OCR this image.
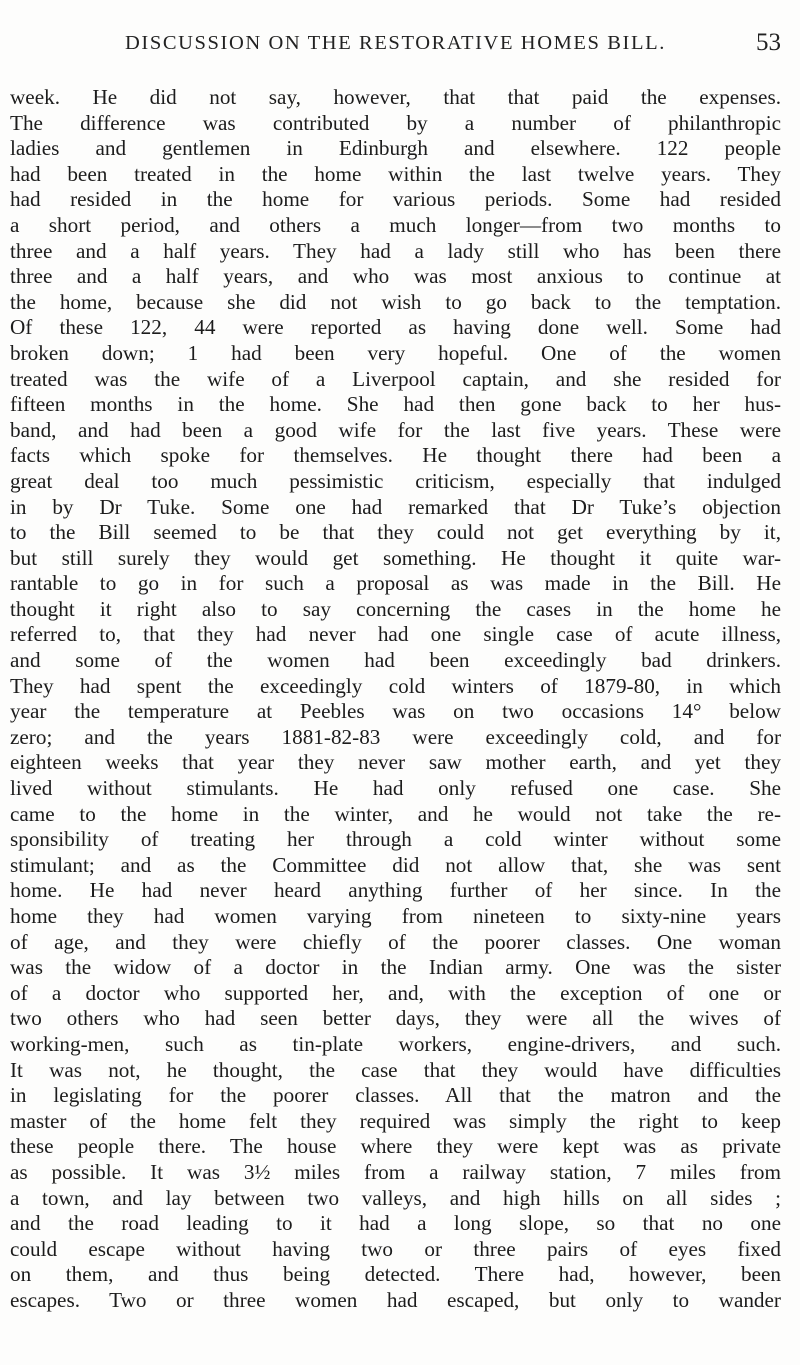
DISCUSSION ON THE RESTORATIVE HOMES BILL.	53
week. He did not say, however, that that paid the expenses.
The difference was contributed by a number of philanthropic
ladies and gentlemen in Edinburgh and elsewhere. 122 people
had been treated in the home within the last twelve years. They
had resided in the home for various periods. Some had resided
a short period, and others a much longer—from two months to
three and a half years. They had a lady still who has been there
three and a half years, and who was most anxious to continue at
the home, because she did not wish to go back to the temptation.
Of these 122, 44 were reported as having done well. Some had
broken down; 1 had been very hopeful. One of the women
treated was the wife of a Liverpool captain, and she resided for
fifteen months in the home. She had then gone back to her hus-
band, and had been a good wife for the last five years. These were
facts which spoke for themselves. He thought there had been a
great deal too much pessimistic criticism, especially that indulged
in by Dr Tuke. Some one had remarked that Dr Tuke’s objection
to the Bill seemed to be that they could not get everything by it,
but still surely they would get something. He thought it quite war-
rantable to go in for such a proposal as was made in the Bill. He
thought it right also to say concerning the cases in the home he
referred to, that they had never had one single case of acute illness,
and some of the women had been exceedingly bad drinkers.
They had spent the exceedingly cold winters of 1879-80, in which
year the temperature at Peebles was on two occasions 14° below
zero; and the years 1881-82-83 were exceedingly cold, and for
eighteen weeks that year they never saw mother earth, and yet they
lived without stimulants. He had only refused one case. She
came to the home in the winter, and he would not take the re-
sponsibility of treating her through a cold winter without some
stimulant; and as the Committee did not allow that, she was sent
home. He had never heard anything further of her since. In the
home they had women varying from nineteen to sixty-nine years
of age, and they were chiefly of the poorer classes. One woman
was the widow of a doctor in the Indian army. One was the sister
of a doctor who supported her, and, with the exception of one or
two others who had seen better days, they were all the wives of
working-men, such as tin-plate workers, engine-drivers, and such.
It was not, he thought, the case that they would have difficulties
in legislating for the poorer classes. All that the matron and the
master of the home felt they required was simply the right to keep
these people there. The house where they were kept was as private
as possible. It was 3½ miles from a railway station, 7 miles from
a town, and lay between two valleys, and high hills on all sides ;
and the road leading to it had a long slope, so that no one
could escape without having two or three pairs of eyes fixed
on them, and thus being detected. There had, however, been
escapes. Two or three women had escaped, but only to wander
